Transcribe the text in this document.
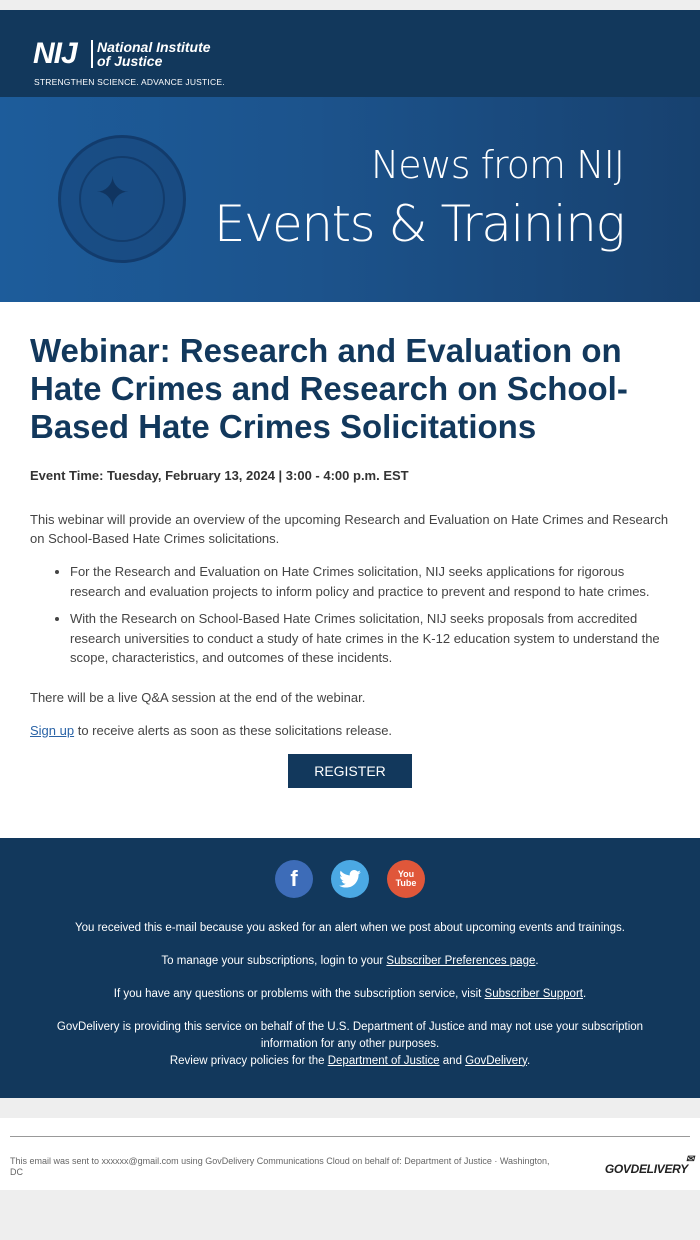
NIJ National Institute
of Justice
STRENGTHEN SCIENCE. ADVANCE JUSTICE.
✦
News from NIJ
Events & Training
Webinar: Research and Evaluation on Hate Crimes and Research on School-Based Hate Crimes Solicitations
Event Time: Tuesday, February 13, 2024 | 3:00 - 4:00 p.m. EST

This webinar will provide an overview of the upcoming Research and Evaluation on Hate Crimes and Research on School-Based Hate Crimes solicitations.

• For the Research and Evaluation on Hate Crimes solicitation, NIJ seeks applications for rigorous research and evaluation projects to inform policy and practice to prevent and respond to hate crimes.
• With the Research on School-Based Hate Crimes solicitation, NIJ seeks proposals from accredited research universities to conduct a study of hate crimes in the K-12 education system to understand the scope, characteristics, and outcomes of these incidents.

There will be a live Q&A session at the end of the webinar.

Sign up to receive alerts as soon as these solicitations release.

REGISTER
f	You
Tube

You received this e-mail because you asked for an alert when we post about upcoming events and trainings.

To manage your subscriptions, login to your Subscriber Preferences page.

If you have any questions or problems with the subscription service, visit Subscriber Support.

GovDelivery is providing this service on behalf of the U.S. Department of Justice and may not use your subscription information for any other purposes.
Review privacy policies for the Department of Justice and GovDelivery.

This email was sent to xxxxxx@gmail.com using GovDelivery Communications Cloud on behalf of: Department of Justice · Washington, DC	GOVDELIVERY
✉
